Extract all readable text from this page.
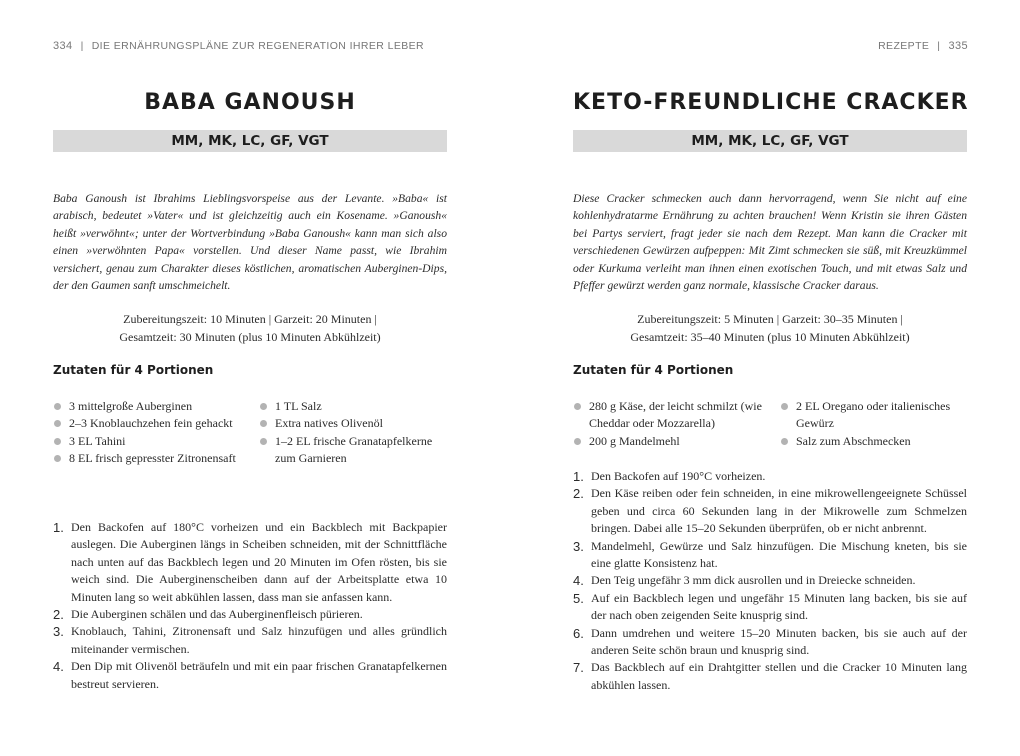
334 | DIE ERNÄHRUNGSPLÄNE ZUR REGENERATION IHRER LEBER
BABA GANOUSH
MM, MK, LC, GF, VGT

Baba Ganoush ist Ibrahims Lieblingsvorspeise aus der Levante. »Baba« ist arabisch, bedeutet »Vater« und ist gleichzeitig auch ein Kosename. »Ganoush« heißt »verwöhnt«; unter der Wortverbindung »Baba Ganoush« kann man sich also einen »verwöhnten Papa« vorstellen. Und dieser Name passt, wie Ibrahim versichert, genau zum Charakter dieses köstlichen, aromatischen Auberginen-Dips, der den Gaumen sanft umschmeichelt.

Zubereitungszeit: 10 Minuten | Garzeit: 20 Minuten |

Gesamtzeit: 30 Minuten (plus 10 Minuten Abkühlzeit)

Zutaten für 4 Portionen
3 mittelgroße Auberginen
2–3 Knoblauchzehen fein gehackt
3 EL Tahini
8 EL frisch gepresster Zitronensaft
1 TL Salz
Extra natives Olivenöl
1–2 EL frische Granatapfelkerne zum Garnieren
1. Den Backofen auf 180°C vorheizen und ein Backblech mit Backpapier auslegen. Die Auberginen längs in Scheiben schneiden, mit der Schnittfläche nach unten auf das Backblech legen und 20 Minuten im Ofen rösten, bis sie weich sind. Die Auberginenscheiben dann auf der Arbeitsplatte etwa 10 Minuten lang so weit abkühlen lassen, dass man sie anfassen kann.
2. Die Auberginen schälen und das Auberginenfleisch pürieren.
3. Knoblauch, Tahini, Zitronensaft und Salz hinzufügen und alles gründlich miteinander vermischen.
4. Den Dip mit Olivenöl beträufeln und mit ein paar frischen Granatapfelkernen bestreut servieren.
REZEPTE | 335
KETO-FREUNDLICHE CRACKER
MM, MK, LC, GF, VGT

Diese Cracker schmecken auch dann hervorragend, wenn Sie nicht auf eine kohlenhydratarme Ernährung zu achten brauchen! Wenn Kristin sie ihren Gästen bei Partys serviert, fragt jeder sie nach dem Rezept. Man kann die Cracker mit verschiedenen Gewürzen aufpeppen: Mit Zimt schmecken sie süß, mit Kreuzkümmel oder Kurkuma verleiht man ihnen einen exotischen Touch, und mit etwas Salz und Pfeffer gewürzt werden ganz normale, klassische Cracker daraus.

Zubereitungszeit: 5 Minuten | Garzeit: 30–35 Minuten |

Gesamtzeit: 35–40 Minuten (plus 10 Minuten Abkühlzeit)

Zutaten für 4 Portionen
280 g Käse, der leicht schmilzt (wie Cheddar oder Mozzarella)
200 g Mandelmehl
2 EL Oregano oder italienisches Gewürz
Salz zum Abschmecken
1. Den Backofen auf 190°C vorheizen.
2. Den Käse reiben oder fein schneiden, in eine mikrowellengeeignete Schüssel geben und circa 60 Sekunden lang in der Mikrowelle zum Schmelzen bringen. Dabei alle 15–20 Sekunden überprüfen, ob er nicht anbrennt.
3. Mandelmehl, Gewürze und Salz hinzufügen. Die Mischung kneten, bis sie eine glatte Konsistenz hat.
4. Den Teig ungefähr 3 mm dick ausrollen und in Dreiecke schneiden.
5. Auf ein Backblech legen und ungefähr 15 Minuten lang backen, bis sie auf der nach oben zeigenden Seite knusprig sind.
6. Dann umdrehen und weitere 15–20 Minuten backen, bis sie auch auf der anderen Seite schön braun und knusprig sind.
7. Das Backblech auf ein Drahtgitter stellen und die Cracker 10 Minuten lang abkühlen lassen.
